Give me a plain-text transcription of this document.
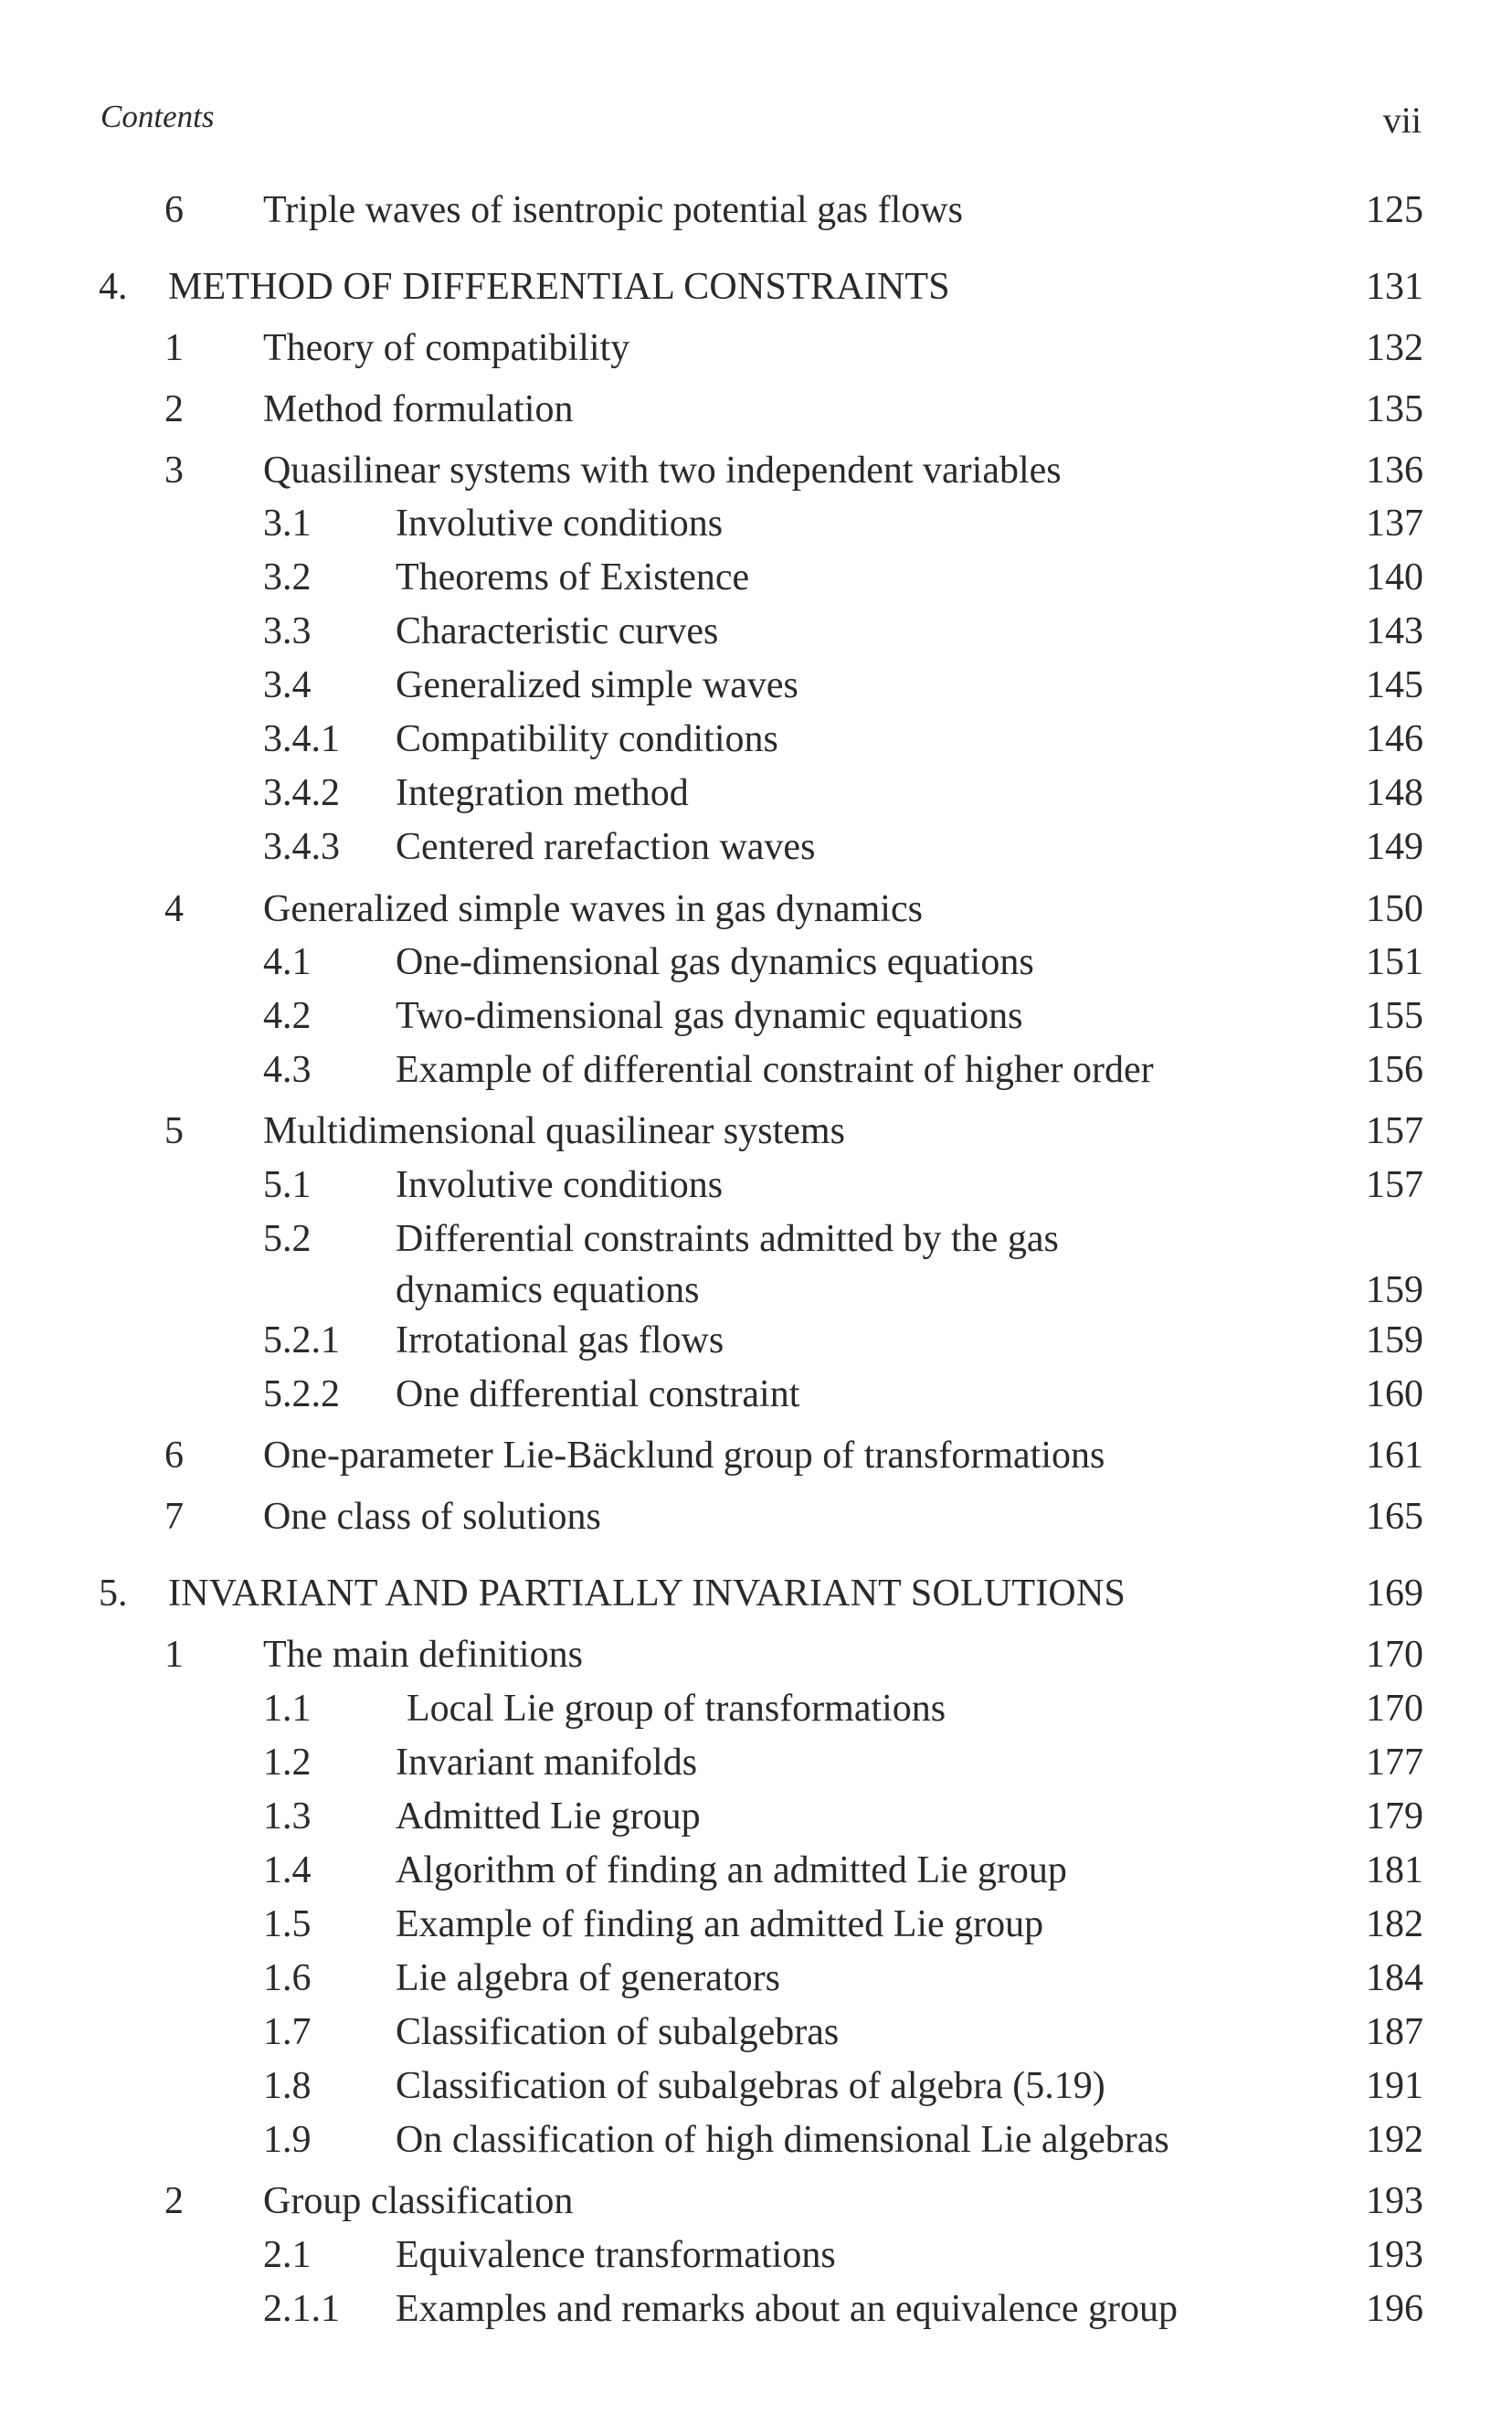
Contents	vii
6 Triple waves of isentropic potential gas flows	125
4. METHOD OF DIFFERENTIAL CONSTRAINTS	131
1 Theory of compatibility	132
2 Method formulation	135
3 Quasilinear systems with two independent variables	136
3.1 Involutive conditions	137
3.2 Theorems of Existence	140
3.3 Characteristic curves	143
3.4 Generalized simple waves	145
3.4.1 Compatibility conditions	146
3.4.2 Integration method	148
3.4.3 Centered rarefaction waves	149
4 Generalized simple waves in gas dynamics	150
4.1 One-dimensional gas dynamics equations	151
4.2 Two-dimensional gas dynamic equations	155
4.3 Example of differential constraint of higher order	156
5 Multidimensional quasilinear systems	157
5.1 Involutive conditions	157
5.2 Differential constraints admitted by the gas
dynamics equations	159
5.2.1 Irrotational gas flows	159
5.2.2 One differential constraint	160
6 One-parameter Lie-Bäcklund group of transformations	161
7 One class of solutions	165
5. INVARIANT AND PARTIALLY INVARIANT SOLUTIONS	169
1 The main definitions	170
1.1 Local Lie group of transformations	170
1.2 Invariant manifolds	177
1.3 Admitted Lie group	179
1.4 Algorithm of finding an admitted Lie group	181
1.5 Example of finding an admitted Lie group	182
1.6 Lie algebra of generators	184
1.7 Classification of subalgebras	187
1.8 Classification of subalgebras of algebra (5.19)	191
1.9 On classification of high dimensional Lie algebras	192
2 Group classification	193
2.1 Equivalence transformations	193
2.1.1 Examples and remarks about an equivalence group	196
